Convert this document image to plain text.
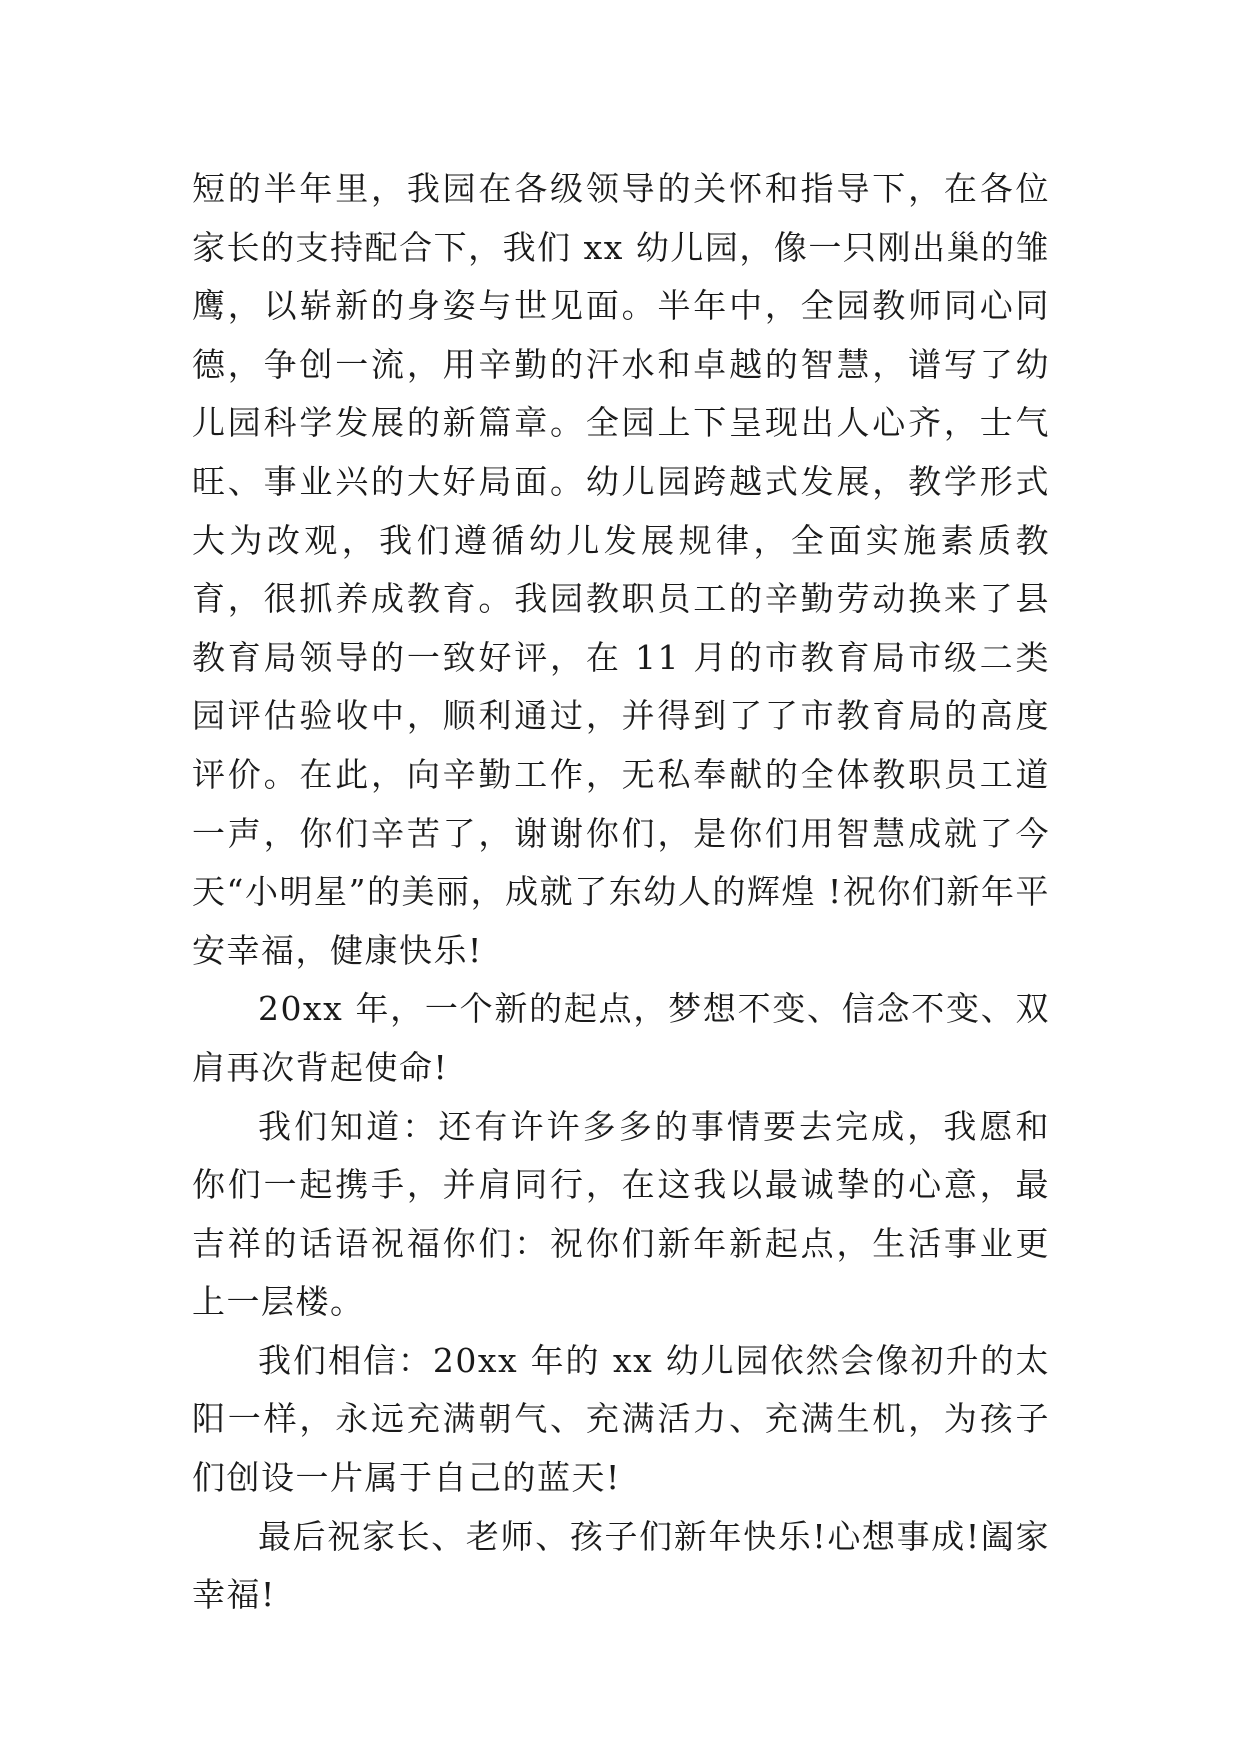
短的半年里，我园在各级领导的关怀和指导下，在各位家长的支持配合下，我们 xx 幼儿园，像一只刚出巢的雏鹰，以崭新的身姿与世见面。半年中，全园教师同心同德，争创一流，用辛勤的汗水和卓越的智慧，谱写了幼儿园科学发展的新篇章。全园上下呈现出人心齐，士气旺、事业兴的大好局面。幼儿园跨越式发展，教学形式大为改观，我们遵循幼儿发展规律，全面实施素质教育，很抓养成教育。我园教职员工的辛勤劳动换来了县教育局领导的一致好评，在 11 月的市教育局市级二类园评估验收中，顺利通过，并得到了了市教育局的高度评价。在此，向辛勤工作，无私奉献的全体教职员工道一声，你们辛苦了，谢谢你们，是你们用智慧成就了今天“小明星”的美丽，成就了东幼人的辉煌 !祝你们新年平安幸福，健康快乐!

20xx 年，一个新的起点，梦想不变、信念不变、双肩再次背起使命!

我们知道：还有许许多多的事情要去完成，我愿和你们一起携手，并肩同行，在这我以最诚挚的心意，最吉祥的话语祝福你们：祝你们新年新起点，生活事业更上一层楼。

我们相信：20xx 年的 xx 幼儿园依然会像初升的太阳一样，永远充满朝气、充满活力、充满生机，为孩子们创设一片属于自己的蓝天!

最后祝家长、老师、孩子们新年快乐!心想事成!阖家幸福!
